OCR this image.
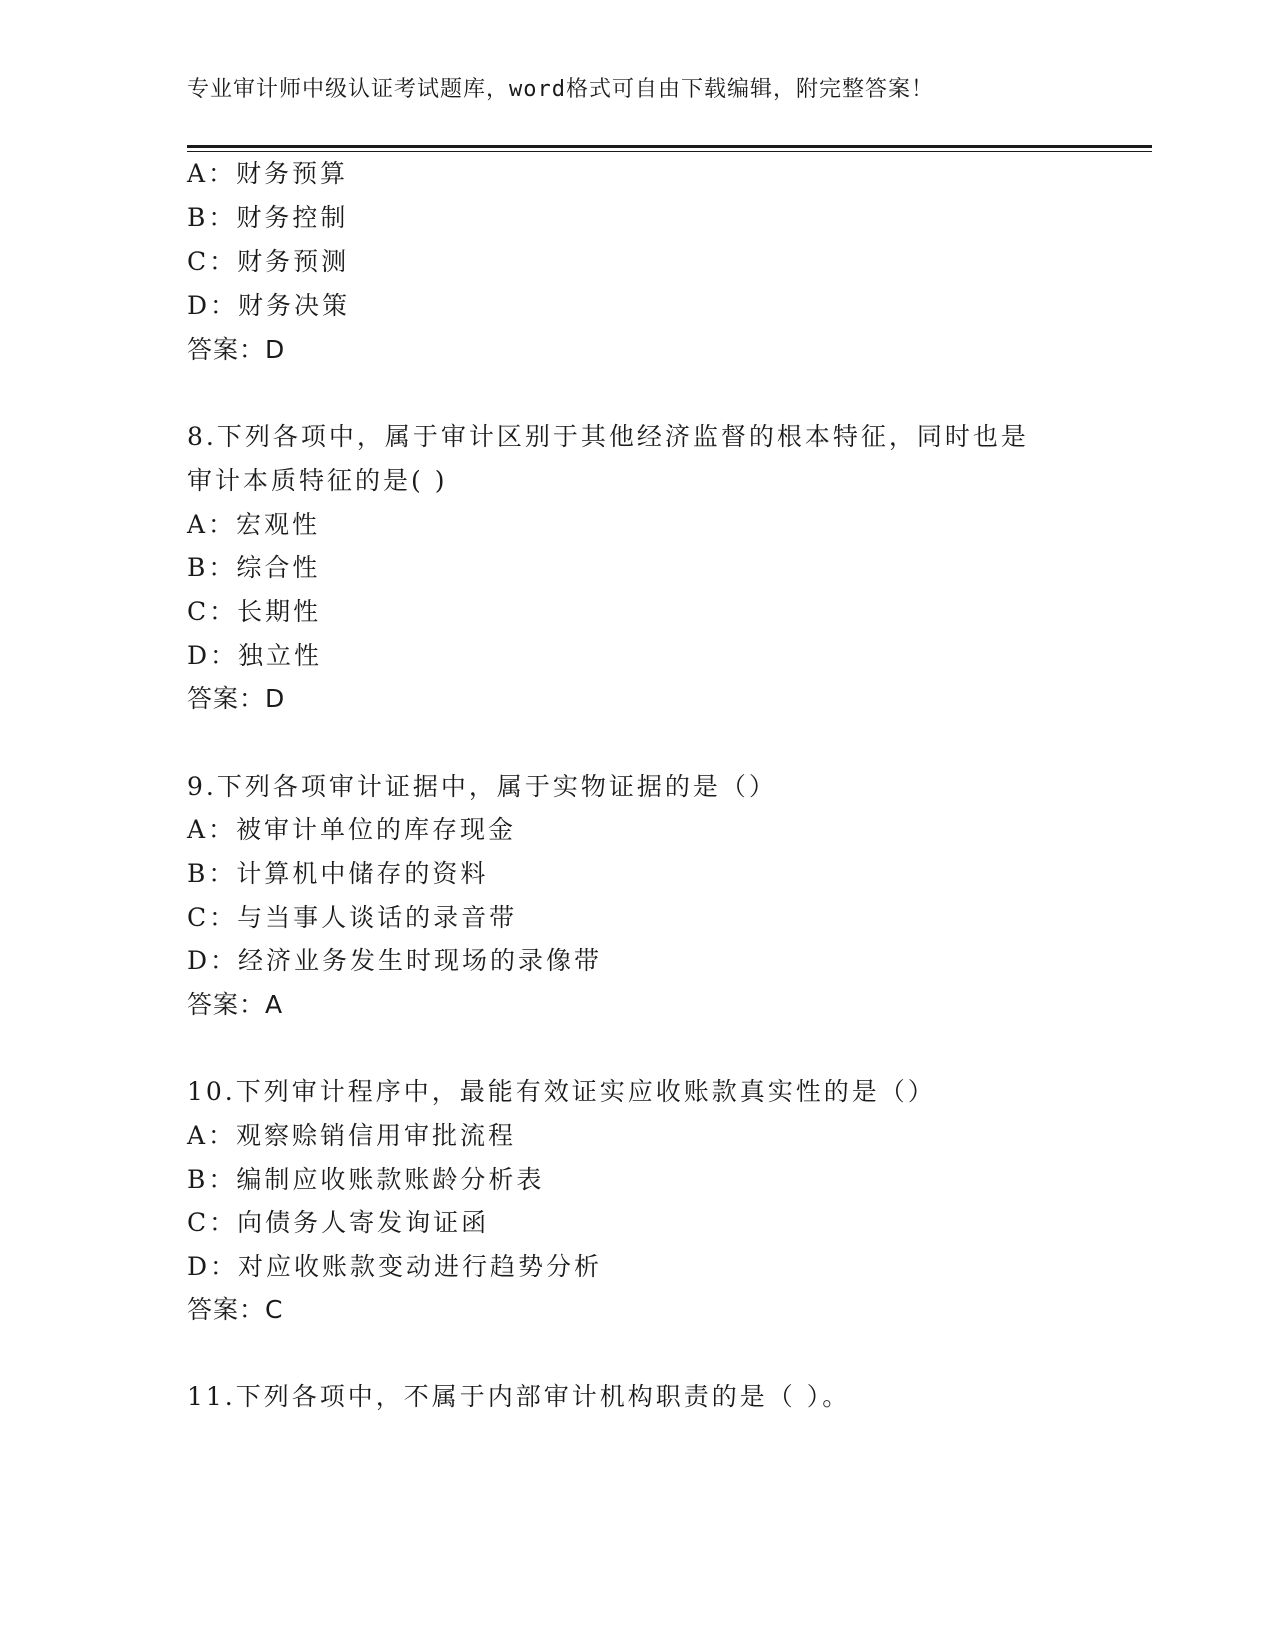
专业审计师中级认证考试题库，word格式可自由下载编辑，附完整答案！
A：财务预算
B：财务控制
C：财务预测
D：财务决策
答案：D
8.下列各项中，属于审计区别于其他经济监督的根本特征，同时也是
审计本质特征的是( )
A：宏观性
B：综合性
C：长期性
D：独立性
答案：D
9.下列各项审计证据中，属于实物证据的是（）
A：被审计单位的库存现金
B：计算机中储存的资料
C：与当事人谈话的录音带
D：经济业务发生时现场的录像带
答案：A
10.下列审计程序中，最能有效证实应收账款真实性的是（）
A：观察赊销信用审批流程
B：编制应收账款账龄分析表
C：向债务人寄发询证函
D：对应收账款变动进行趋势分析
答案：C
11.下列各项中，不属于内部审计机构职责的是（ ）。
